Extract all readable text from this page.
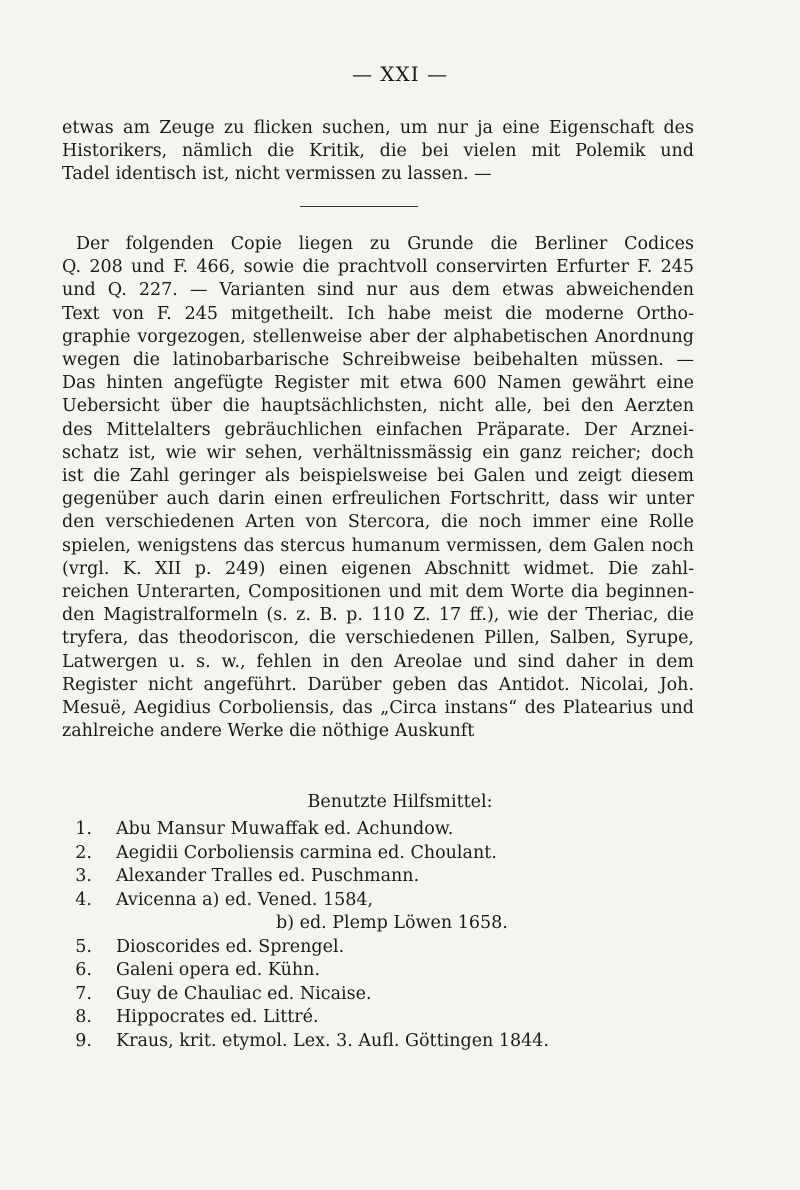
— XXI —
etwas am Zeuge zu flicken suchen, um nur ja eine Eigenschaft des
Historikers, nämlich die Kritik, die bei vielen mit Polemik und
Tadel identisch ist, nicht vermissen zu lassen. —
Der folgenden Copie liegen zu Grunde die Berliner Codices
Q. 208 und F. 466, sowie die prachtvoll conservirten Erfurter F. 245
und Q. 227. — Varianten sind nur aus dem etwas abweichenden
Text von F. 245 mitgetheilt. Ich habe meist die moderne Ortho-
graphie vorgezogen, stellenweise aber der alphabetischen Anordnung
wegen die latinobarbarische Schreibweise beibehalten müssen. —
Das hinten angefügte Register mit etwa 600 Namen gewährt eine
Uebersicht über die hauptsächlichsten, nicht alle, bei den Aerzten
des Mittelalters gebräuchlichen einfachen Präparate. Der Arznei-
schatz ist, wie wir sehen, verhältnissmässig ein ganz reicher; doch
ist die Zahl geringer als beispielsweise bei Galen und zeigt diesem
gegenüber auch darin einen erfreulichen Fortschritt, dass wir unter
den verschiedenen Arten von Stercora, die noch immer eine Rolle
spielen, wenigstens das stercus humanum vermissen, dem Galen noch
(vrgl. K. XII p. 249) einen eigenen Abschnitt widmet. Die zahl-
reichen Unterarten, Compositionen und mit dem Worte dia beginnen-
den Magistralformeln (s. z. B. p. 110 Z. 17 ff.), wie der Theriac, die
tryfera, das theodoriscon, die verschiedenen Pillen, Salben, Syrupe,
Latwergen u. s. w., fehlen in den Areolae und sind daher in dem
Register nicht angeführt. Darüber geben das Antidot. Nicolai, Joh.
Mesuë, Aegidius Corboliensis, das „Circa instans“ des Platearius und
zahlreiche andere Werke die nöthige Auskunft
Benutzte Hilfsmittel:
1. Abu Mansur Muwaffak ed. Achundow.
2. Aegidii Corboliensis carmina ed. Choulant.
3. Alexander Tralles ed. Puschmann.
4. Avicenna a) ed. Vened. 1584,
b) ed. Plemp Löwen 1658.
5. Dioscorides ed. Sprengel.
6. Galeni opera ed. Kühn.
7. Guy de Chauliac ed. Nicaise.
8. Hippocrates ed. Littré.
9. Kraus, krit. etymol. Lex. 3. Aufl. Göttingen 1844.
